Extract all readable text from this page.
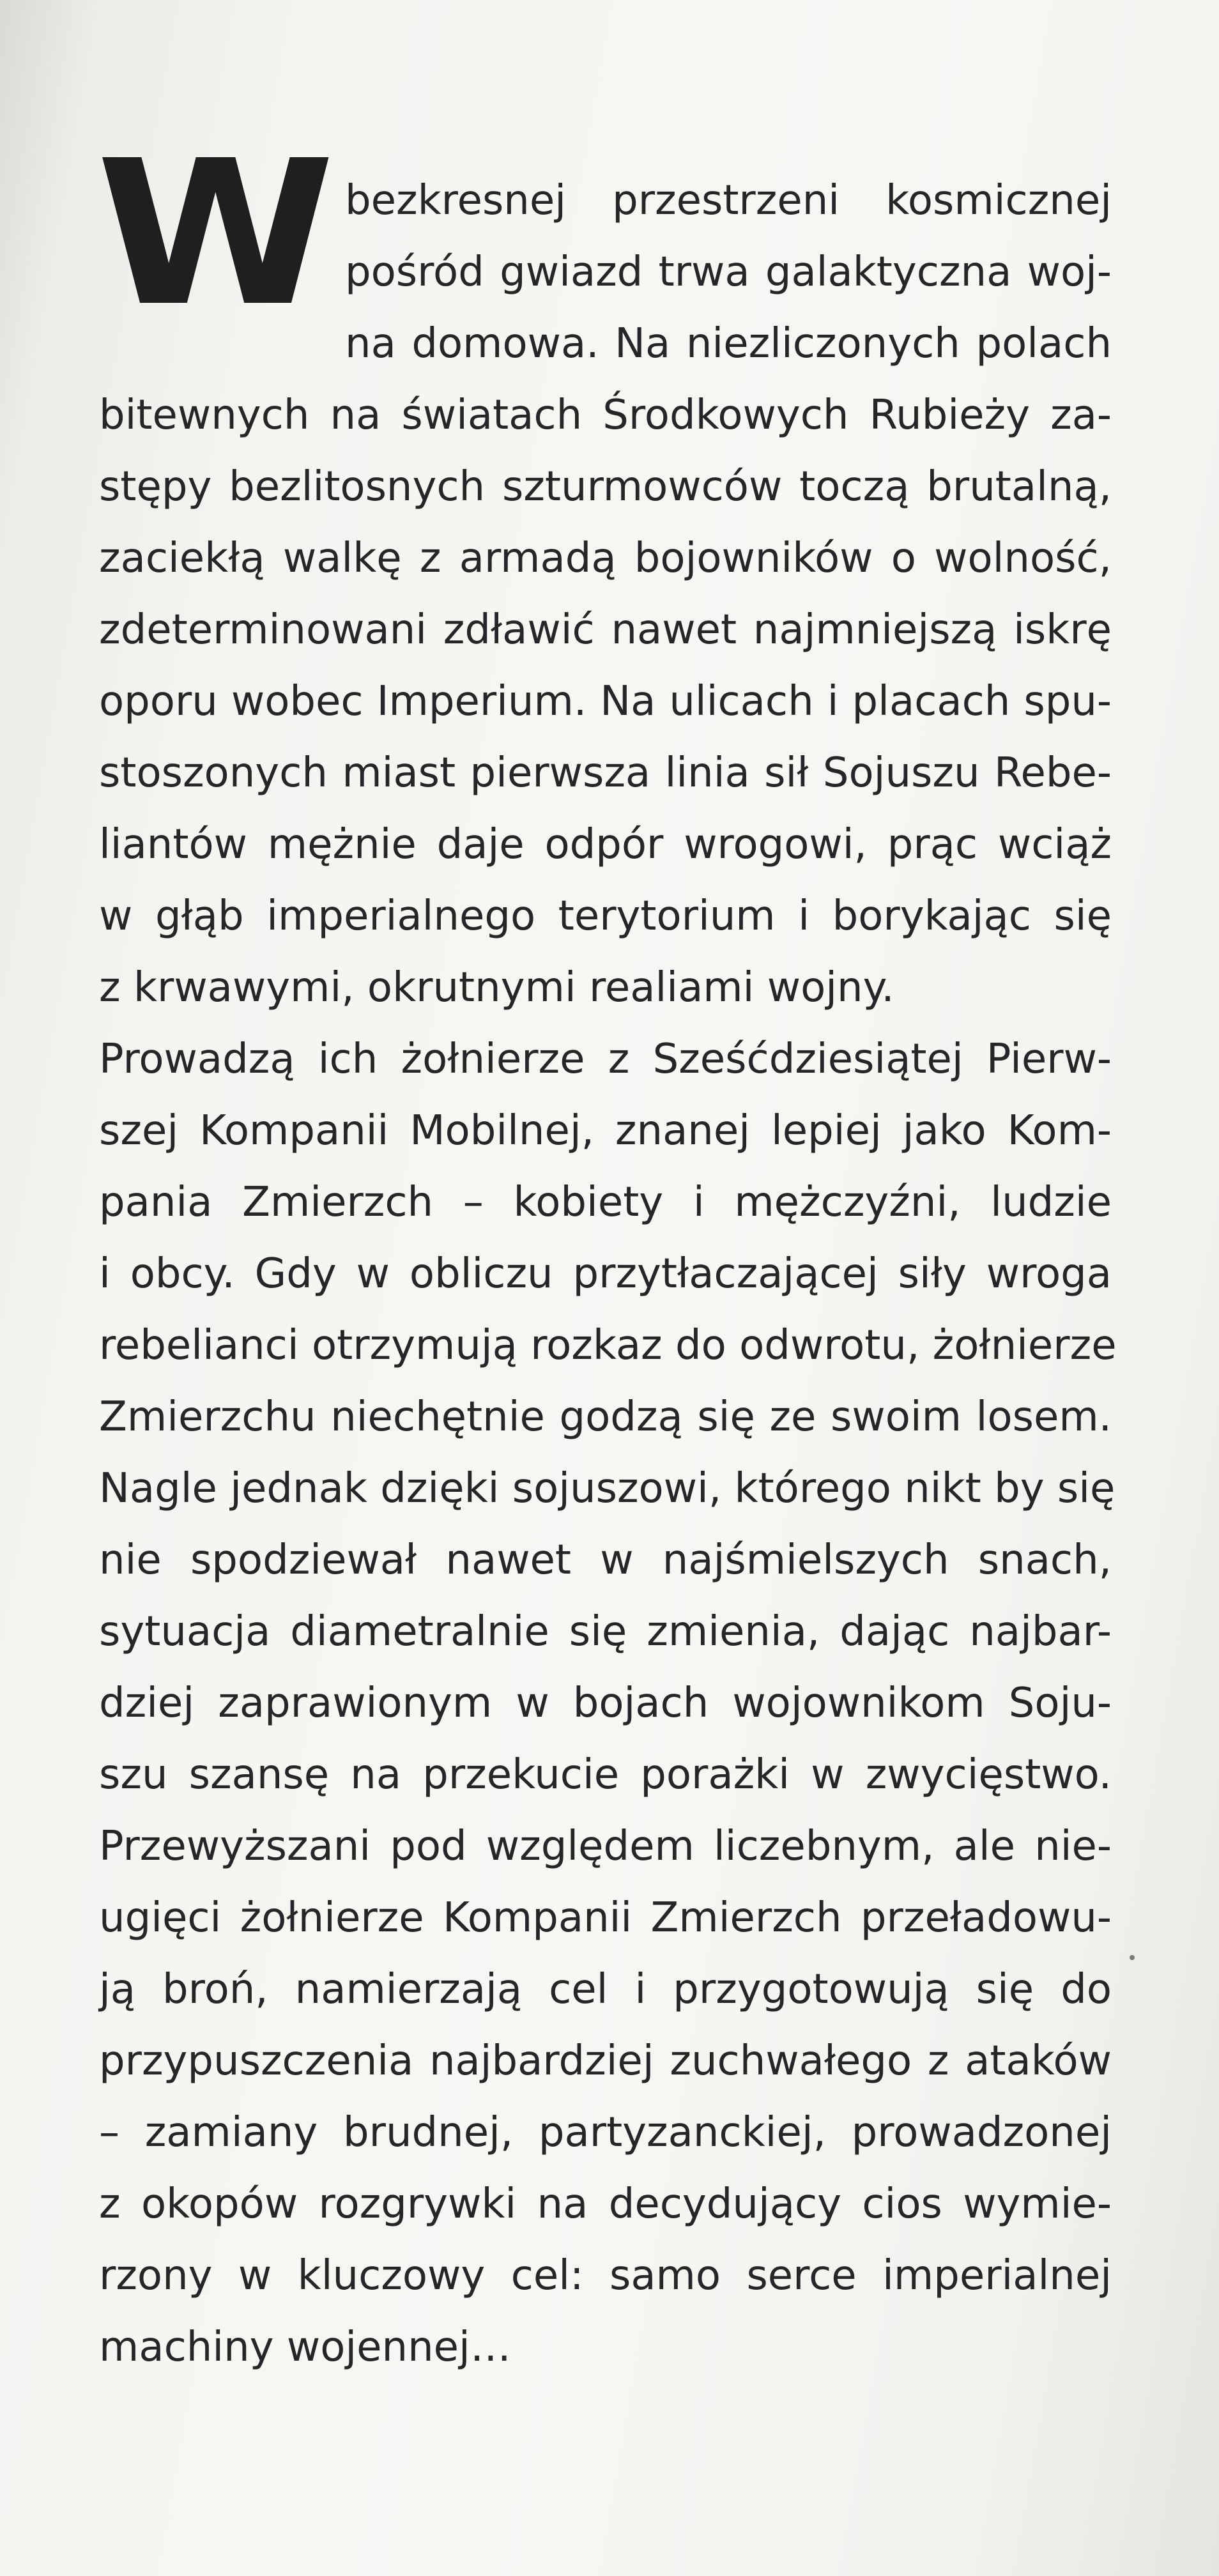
W bezkresnej przestrzeni kosmicznej
pośród gwiazd trwa galaktyczna woj-
na domowa. Na niezliczonych polach
bitewnych na światach Środkowych Rubieży za-
stępy bezlitosnych szturmowców toczą brutalną,
zaciekłą walkę z armadą bojowników o wolność,
zdeterminowani zdławić nawet najmniejszą iskrę
oporu wobec Imperium. Na ulicach i placach spu-
stoszonych miast pierwsza linia sił Sojuszu Rebe-
liantów mężnie daje odpór wrogowi, prąc wciąż
w głąb imperialnego terytorium i borykając się
z krwawymi, okrutnymi realiami wojny.
Prowadzą ich żołnierze z Sześćdziesiątej Pierw-
szej Kompanii Mobilnej, znanej lepiej jako Kom-
pania Zmierzch – kobiety i mężczyźni, ludzie
i obcy. Gdy w obliczu przytłaczającej siły wroga
rebelianci otrzymują rozkaz do odwrotu, żołnierze
Zmierzchu niechętnie godzą się ze swoim losem.
Nagle jednak dzięki sojuszowi, którego nikt by się
nie spodziewał nawet w najśmielszych snach,
sytuacja diametralnie się zmienia, dając najbar-
dziej zaprawionym w bojach wojownikom Soju-
szu szansę na przekucie porażki w zwycięstwo.
Przewyższani pod względem liczebnym, ale nie-
ugięci żołnierze Kompanii Zmierzch przeładowu-
ją broń, namierzają cel i przygotowują się do
przypuszczenia najbardziej zuchwałego z ataków
– zamiany brudnej, partyzanckiej, prowadzonej
z okopów rozgrywki na decydujący cios wymie-
rzony w kluczowy cel: samo serce imperialnej
machiny wojennej…
